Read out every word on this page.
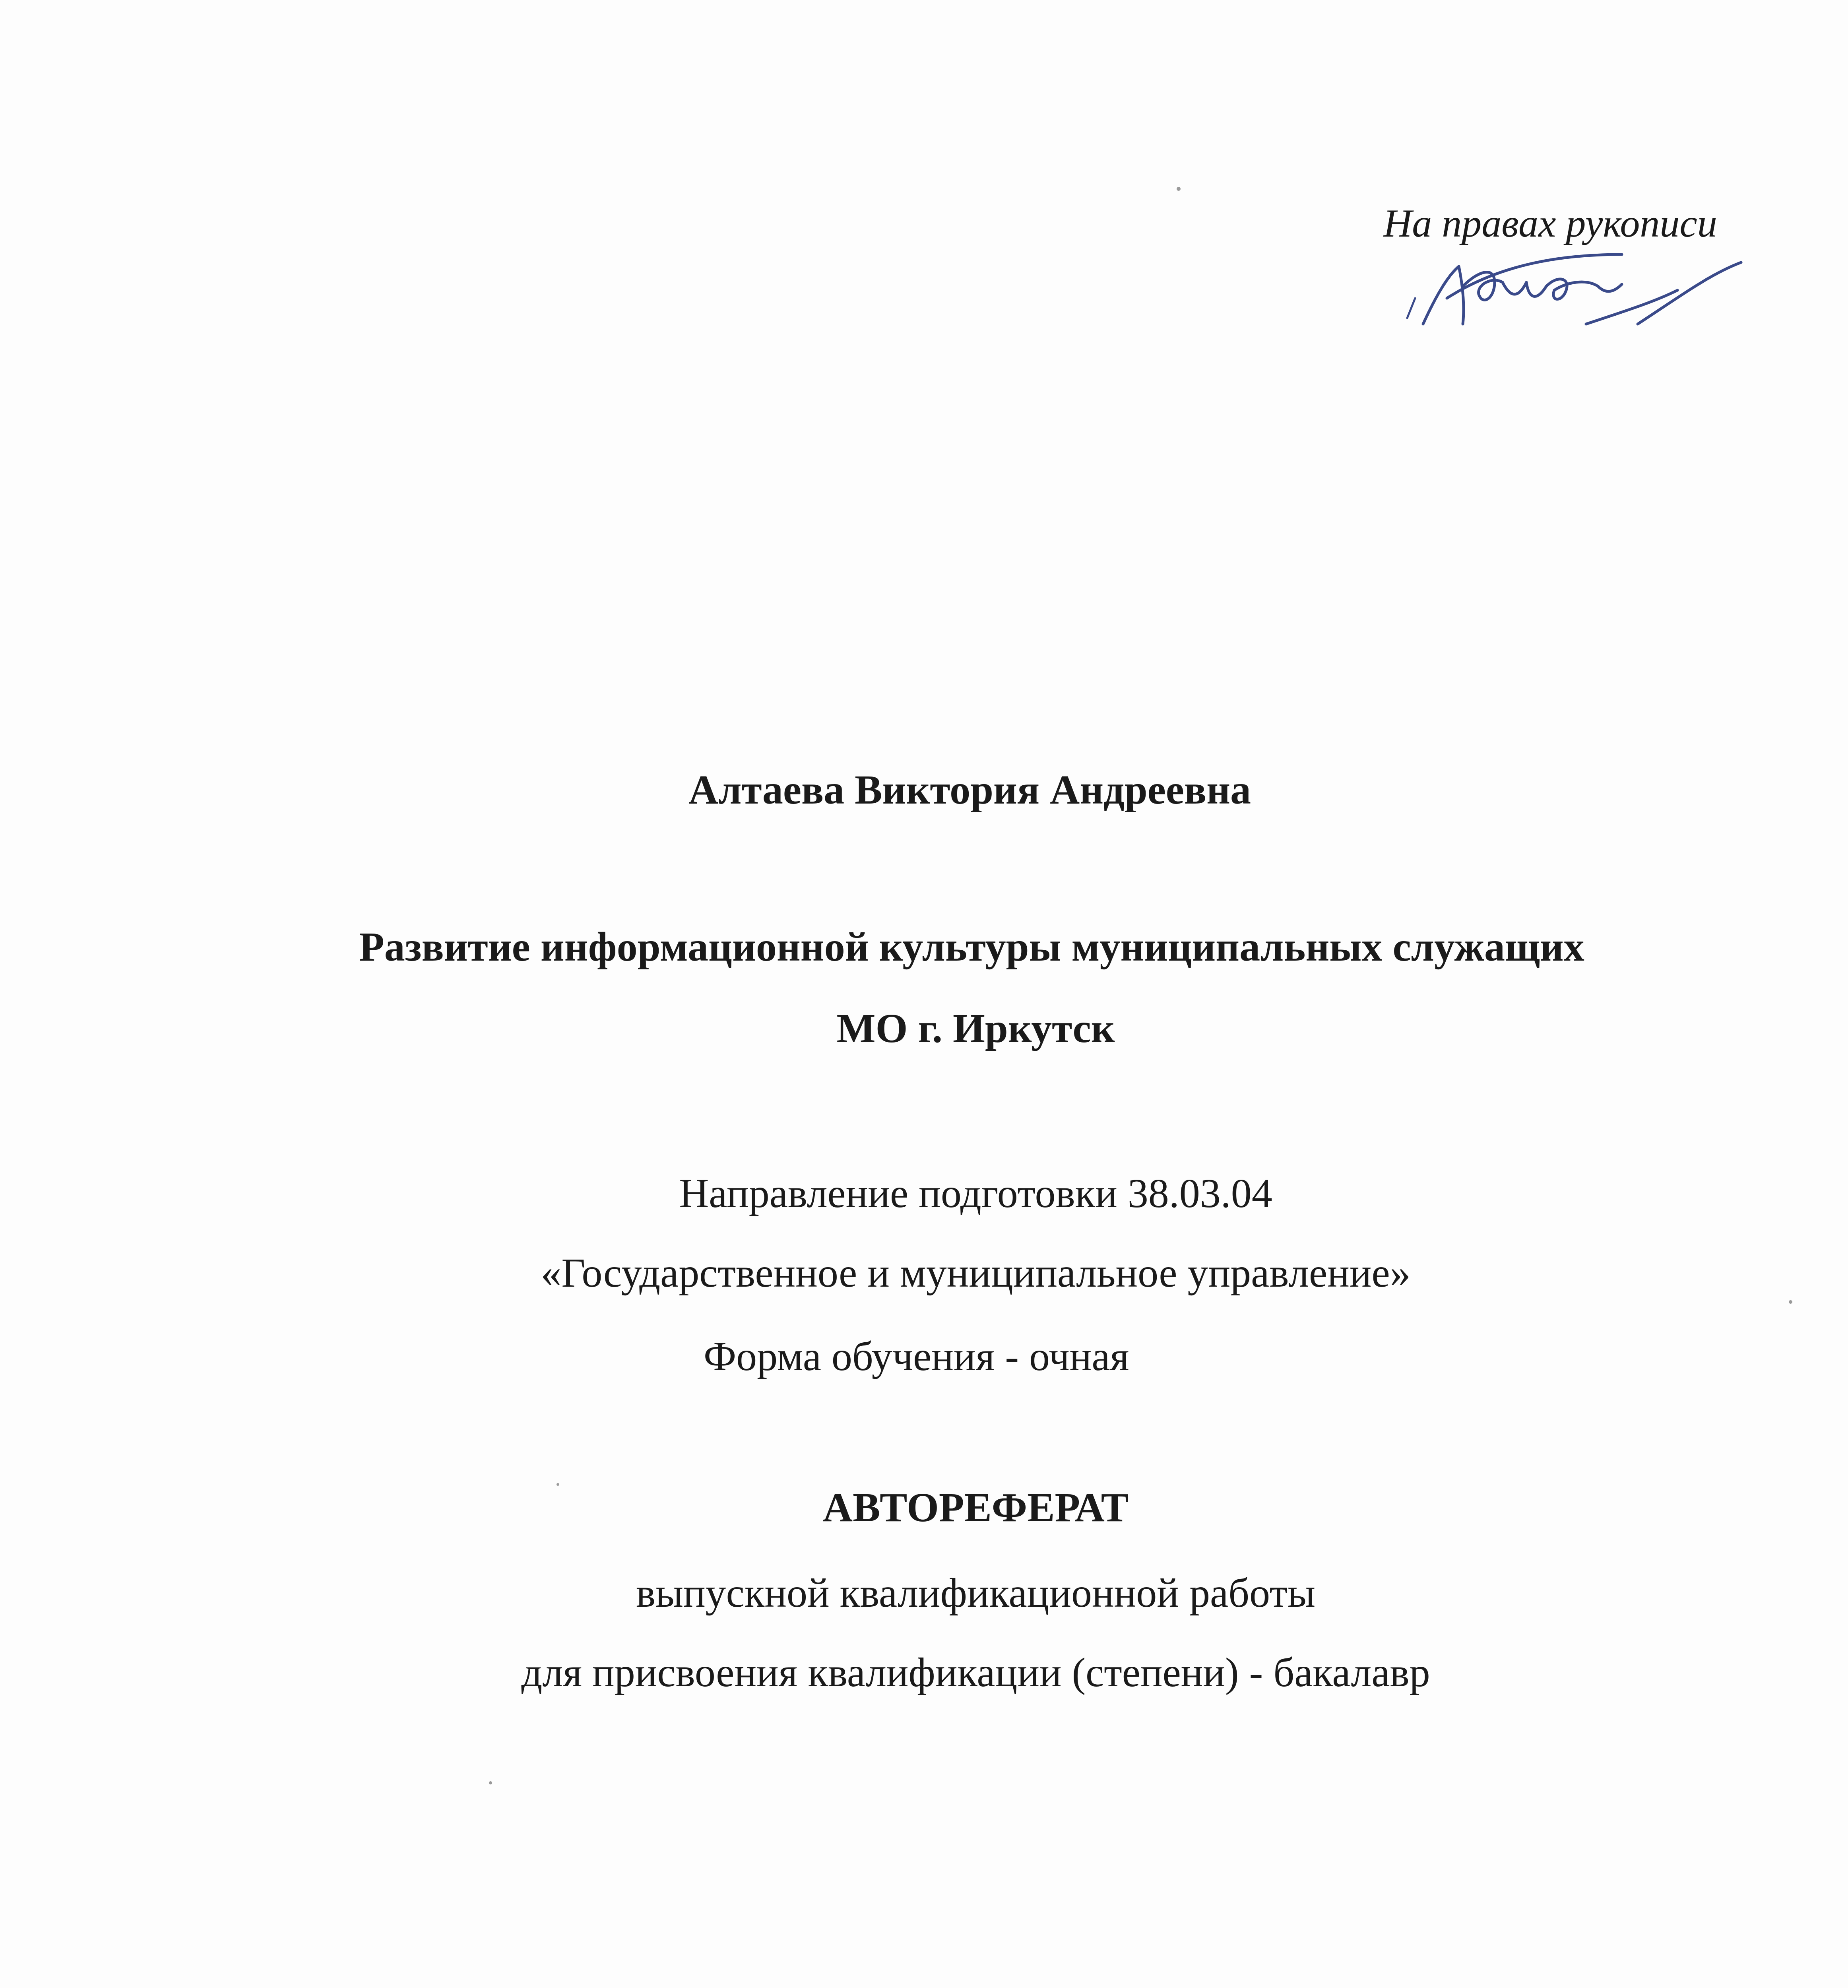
На правах рукописи
Алтаева Виктория Андреевна
Развитие информационной культуры муниципальных служащих
МО г. Иркутск
Направление подготовки 38.03.04
«Государственное и муниципальное управление»
Форма обучения - очная
АВТОРЕФЕРАТ
выпускной квалификационной работы
для присвоения квалификации (степени) - бакалавр
